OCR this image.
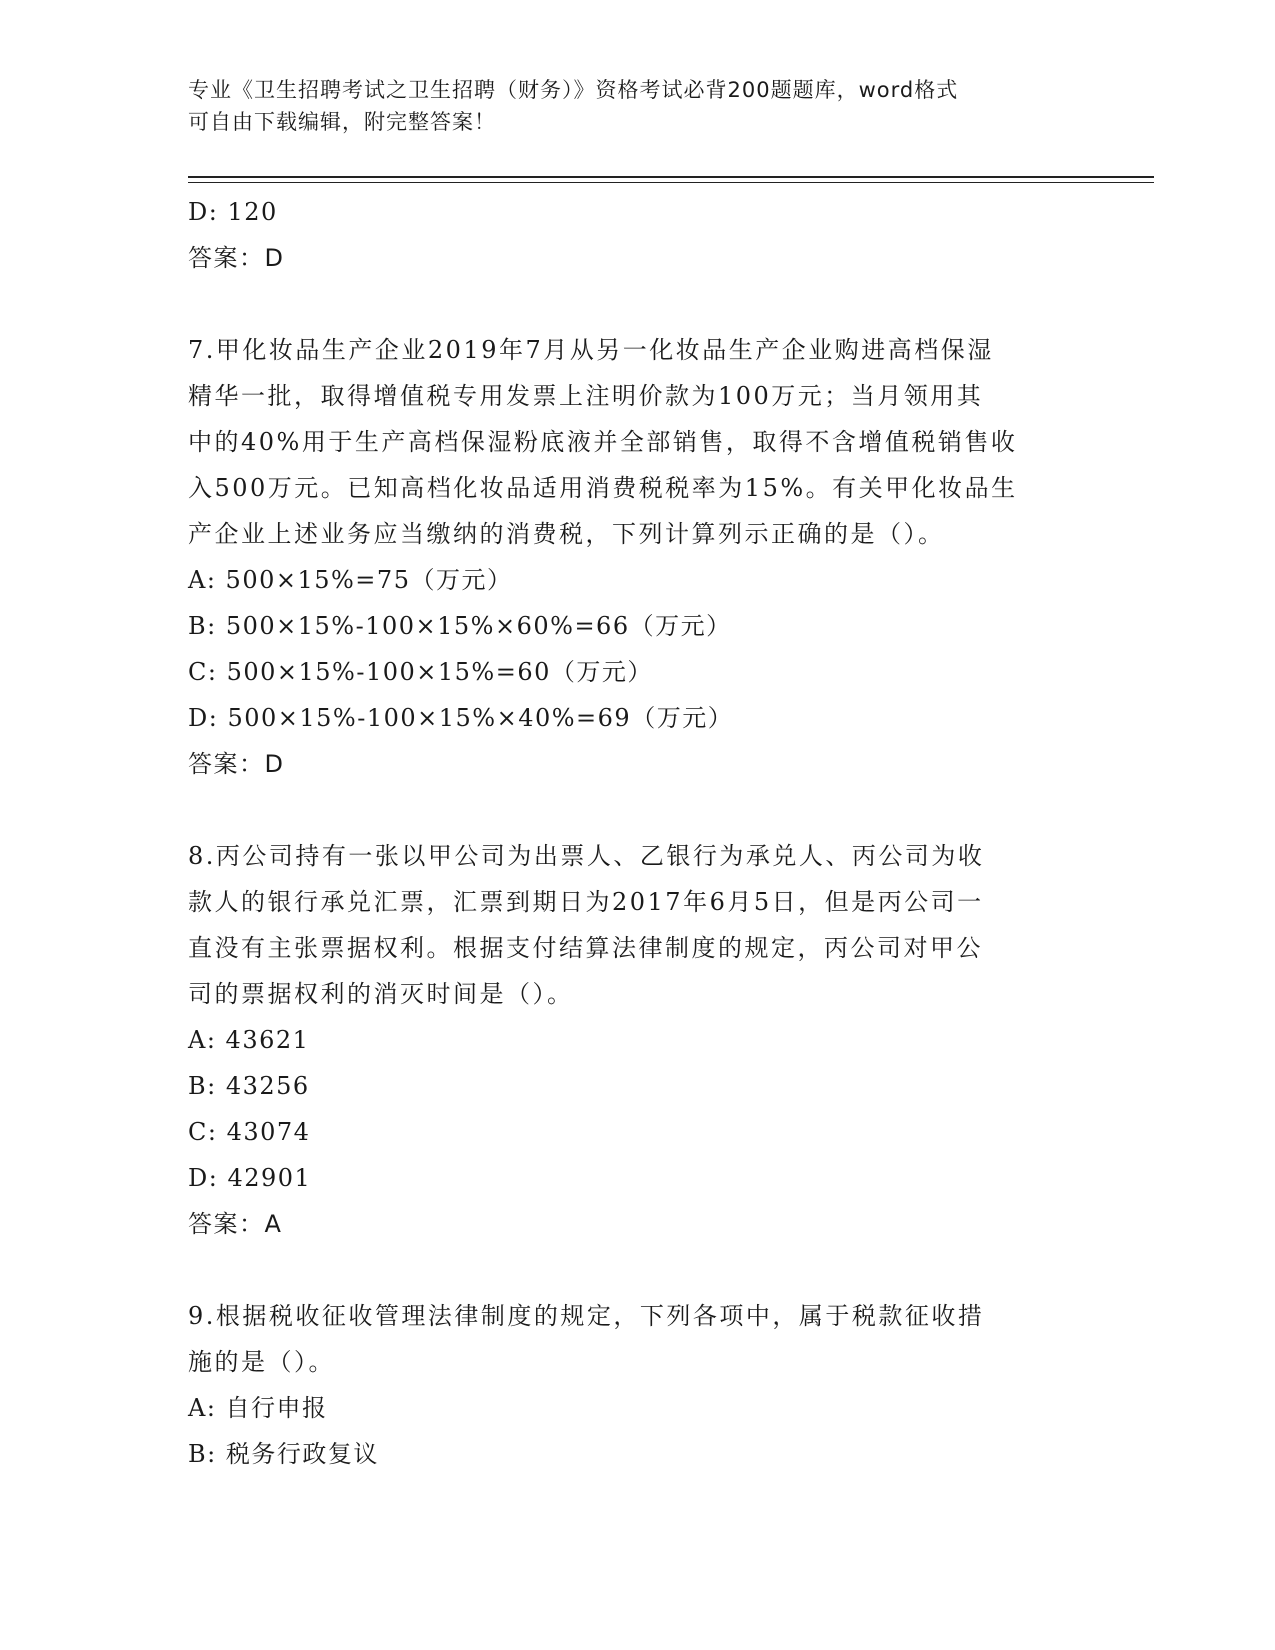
专业《卫生招聘考试之卫生招聘（财务）》资格考试必背200题题库，word格式
可自由下载编辑，附完整答案！
D: 120
答案：D
7.甲化妆品生产企业2019年7月从另一化妆品生产企业购进高档保湿
精华一批，取得增值税专用发票上注明价款为100万元；当月领用其
中的40%用于生产高档保湿粉底液并全部销售，取得不含增值税销售收
入500万元。已知高档化妆品适用消费税税率为15%。有关甲化妆品生
产企业上述业务应当缴纳的消费税，下列计算列示正确的是（）。
A: 500×15%=75（万元）
B: 500×15%-100×15%×60%=66（万元）
C: 500×15%-100×15%=60（万元）
D: 500×15%-100×15%×40%=69（万元）
答案：D
8.丙公司持有一张以甲公司为出票人、乙银行为承兑人、丙公司为收
款人的银行承兑汇票，汇票到期日为2017年6月5日，但是丙公司一
直没有主张票据权利。根据支付结算法律制度的规定，丙公司对甲公
司的票据权利的消灭时间是（）。
A: 43621
B: 43256
C: 43074
D: 42901
答案：A
9.根据税收征收管理法律制度的规定，下列各项中，属于税款征收措
施的是（）。
A: 自行申报
B: 税务行政复议
